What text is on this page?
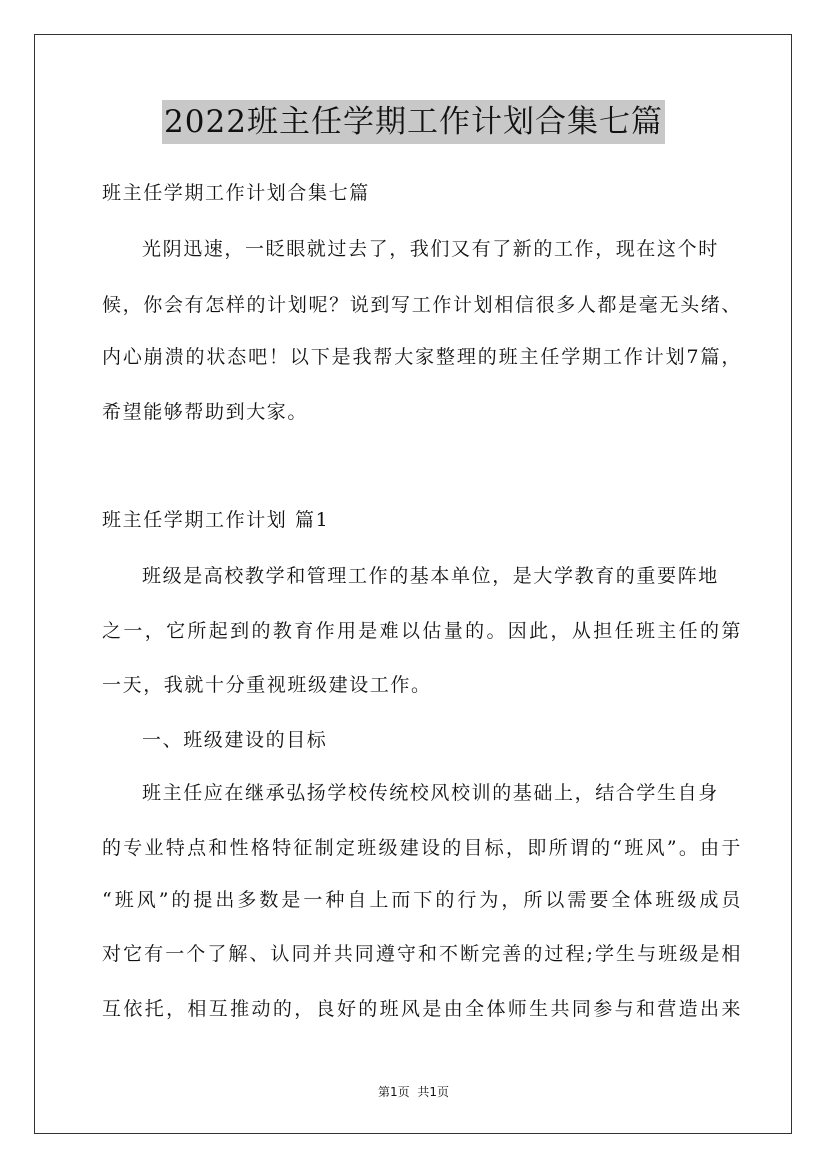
2022班主任学期工作计划合集七篇
班主任学期工作计划合集七篇
光阴迅速，一眨眼就过去了，我们又有了新的工作，现在这个时
候，你会有怎样的计划呢？说到写工作计划相信很多人都是毫无头绪、
内心崩溃的状态吧！以下是我帮大家整理的班主任学期工作计划7篇，
希望能够帮助到大家。
班主任学期工作计划 篇1
班级是高校教学和管理工作的基本单位，是大学教育的重要阵地
之一，它所起到的教育作用是难以估量的。因此，从担任班主任的第
一天，我就十分重视班级建设工作。
一、班级建设的目标
班主任应在继承弘扬学校传统校风校训的基础上，结合学生自身
的专业特点和性格特征制定班级建设的目标，即所谓的“班风”。由于
“班风”的提出多数是一种自上而下的行为，所以需要全体班级成员
对它有一个了解、认同并共同遵守和不断完善的过程;学生与班级是相
互依托，相互推动的，良好的班风是由全体师生共同参与和营造出来
第1页 共1页
